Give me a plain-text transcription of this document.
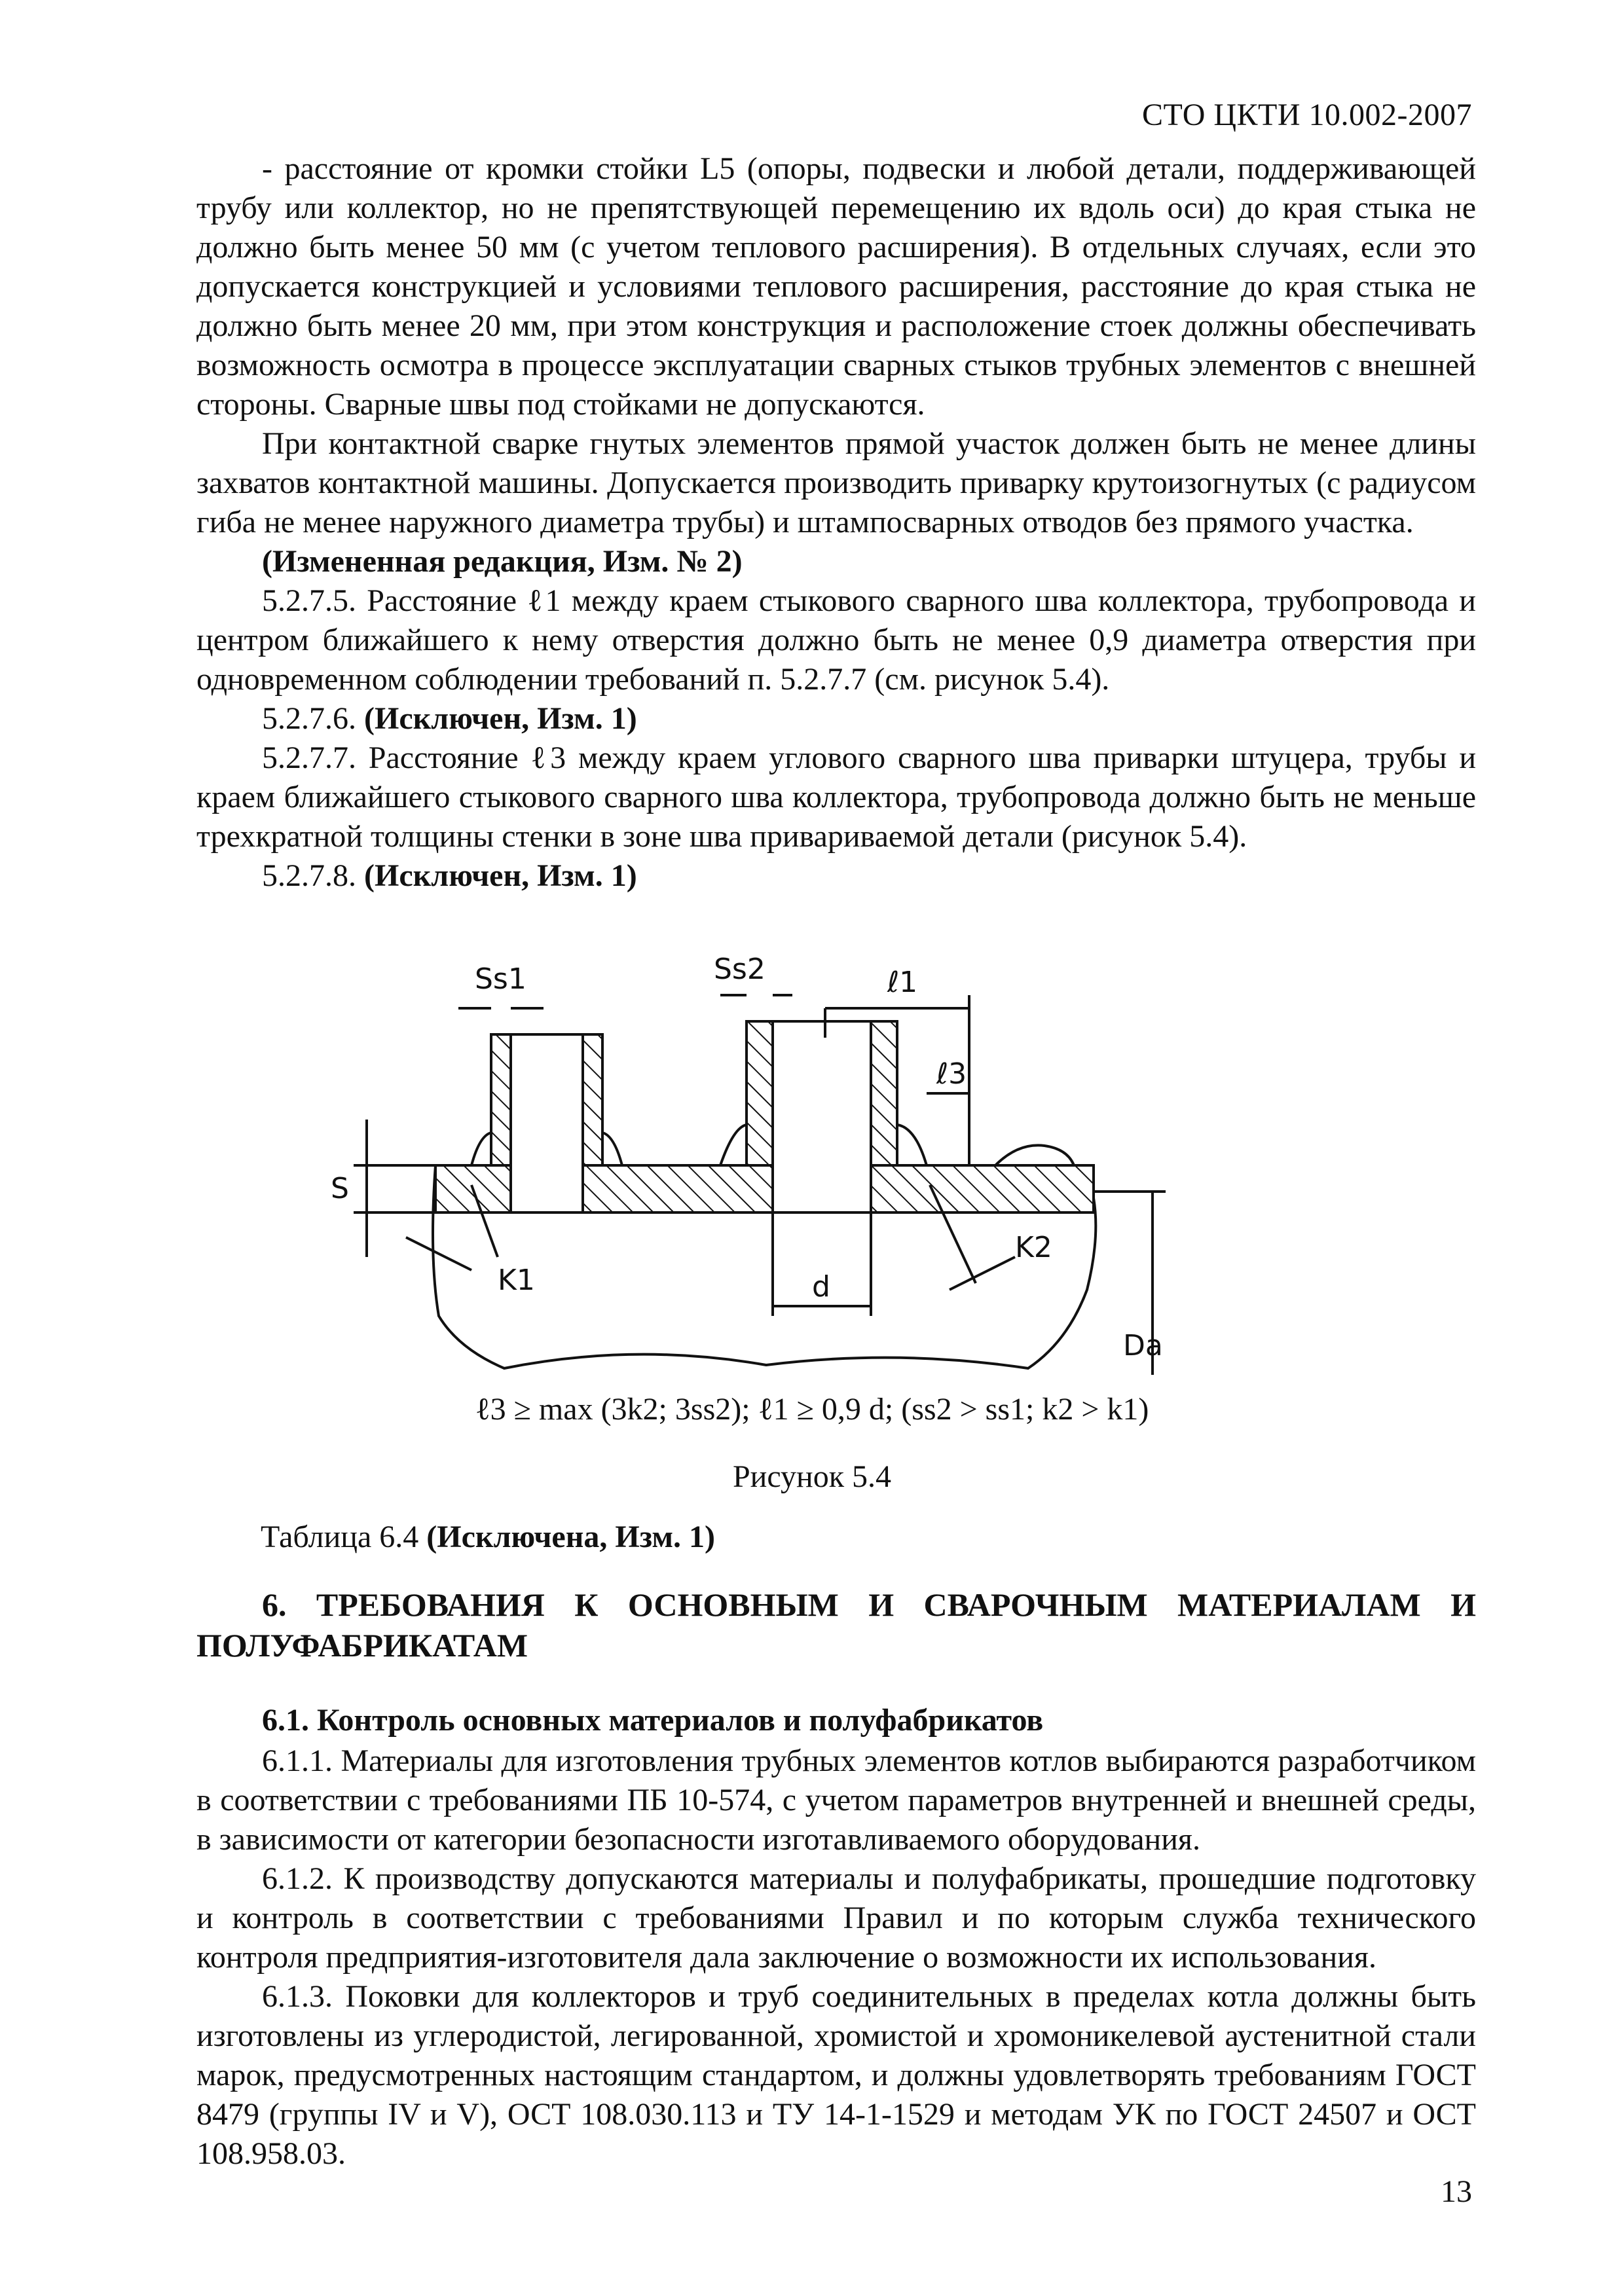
СТО ЦКТИ 10.002-2007

- расстояние от кромки стойки L5 (опоры, подвески и любой детали, поддерживающей трубу или коллектор, но не препятствующей перемещению их вдоль оси) до края стыка не должно быть менее 50 мм (с учетом теплового расширения). В отдельных случаях, если это допускается конструкцией и условиями теплового расширения, расстояние до края стыка не должно быть менее 20 мм, при этом конструкция и расположение стоек должны обеспечивать возможность осмотра в процессе эксплуатации сварных стыков трубных элементов с внешней стороны. Сварные швы под стойками не допускаются.

При контактной сварке гнутых элементов прямой участок должен быть не менее длины захватов контактной машины. Допускается производить приварку крутоизогнутых (с радиусом гиба не менее наружного диаметра трубы) и штампосварных отводов без прямого участка.

(Измененная редакция, Изм. № 2)

5.2.7.5. Расстояние ℓ1 между краем стыкового сварного шва коллектора, трубопровода и центром ближайшего к нему отверстия должно быть не менее 0,9 диаметра отверстия при одновременном соблюдении требований п. 5.2.7.7 (см. рисунок 5.4).

5.2.7.6. (Исключен, Изм. 1)

5.2.7.7. Расстояние ℓ3 между краем углового сварного шва приварки штуцера, трубы и краем ближайшего стыкового сварного шва коллектора, трубопровода должно быть не меньше трехкратной толщины стенки в зоне шва привариваемой детали (рисунок 5.4).

5.2.7.8. (Исключен, Изм. 1)

Ss1	Ss2	ℓ1
ℓ3
S
K1
K2
d
Da
ℓ3 ≥ max (3k2; 3ss2); ℓ1 ≥ 0,9 d; (ss2 > ss1; k2 > k1)
Рисунок 5.4
Таблица 6.4 (Исключена, Изм. 1)
6. ТРЕБОВАНИЯ К ОСНОВНЫМ И СВАРОЧНЫМ МАТЕРИАЛАМ И ПОЛУФАБРИКАТАМ
6.1. Контроль основных материалов и полуфабрикатов

6.1.1. Материалы для изготовления трубных элементов котлов выбираются разработчиком в соответствии с требованиями ПБ 10-574, с учетом параметров внутренней и внешней среды, в зависимости от категории безопасности изготавливаемого оборудования.

6.1.2. К производству допускаются материалы и полуфабрикаты, прошедшие подготовку и контроль в соответствии с требованиями Правил и по которым служба технического контроля предприятия-изготовителя дала заключение о возможности их использования.

6.1.3. Поковки для коллекторов и труб соединительных в пределах котла должны быть изготовлены из углеродистой, легированной, хромистой и хромоникелевой аустенитной стали марок, предусмотренных настоящим стандартом, и должны удовлетворять требованиям ГОСТ 8479 (группы IV и V), ОСТ 108.030.113 и ТУ 14-1-1529 и методам УК по ГОСТ 24507 и ОСТ 108.958.03.

13
